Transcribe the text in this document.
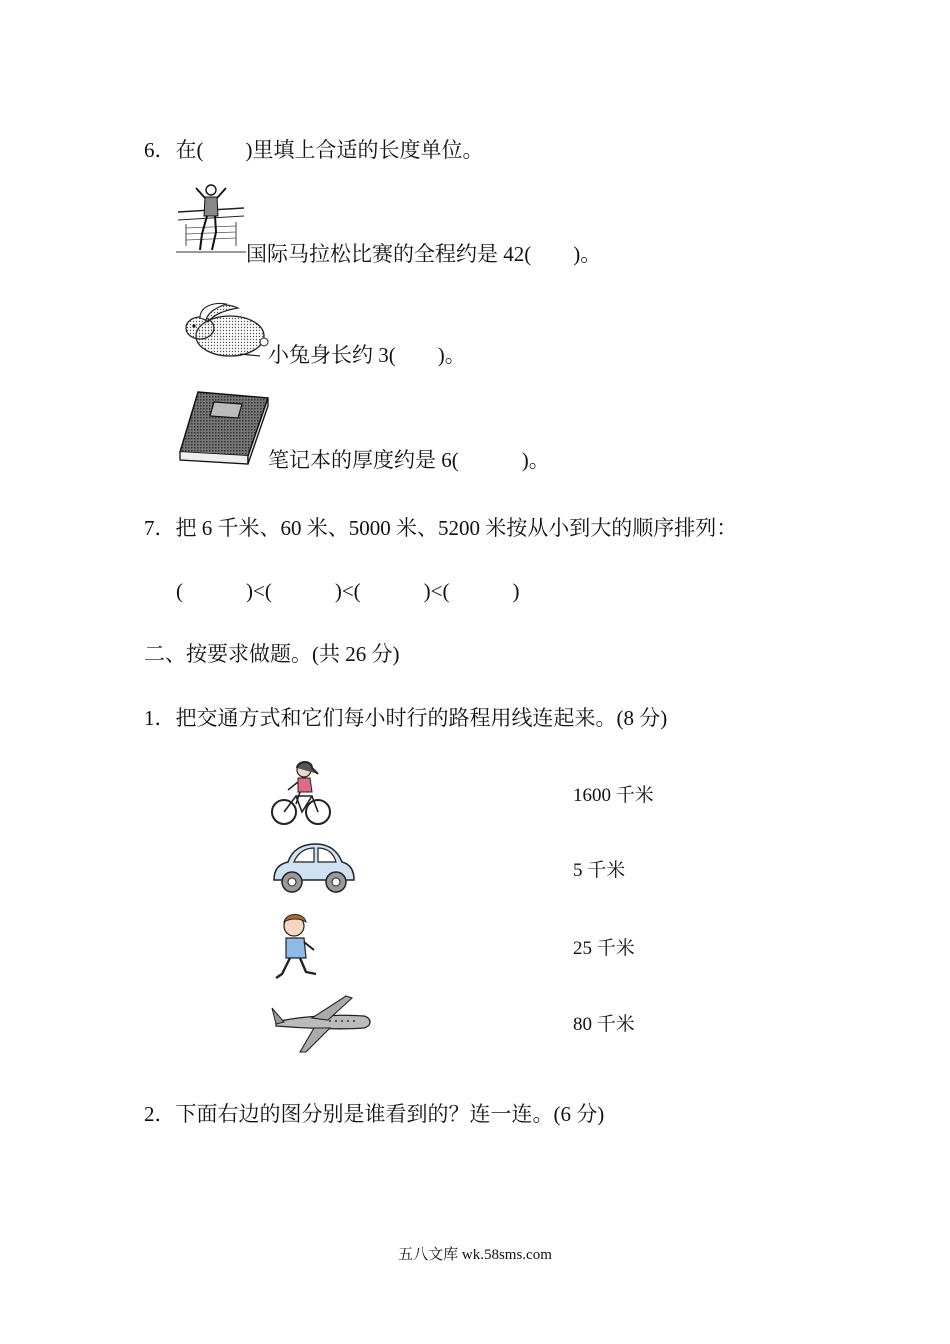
6．在(　　)里填上合适的长度单位。
国际马拉松比赛的全程约是 42(　　)。
小兔身长约 3(　　)。
笔记本的厚度约是 6(　　　)。
7．把 6 千米、60 米、5000 米、5200 米按从小到大的顺序排列：
(　　　)<(　　　)<(　　　)<(　　　)
二、按要求做题。(共 26 分)
1．把交通方式和它们每小时行的路程用线连起来。(8 分)
1600 千米
5 千米
25 千米
80 千米
2．下面右边的图分别是谁看到的？连一连。(6 分)
五八文库 wk.58sms.com
